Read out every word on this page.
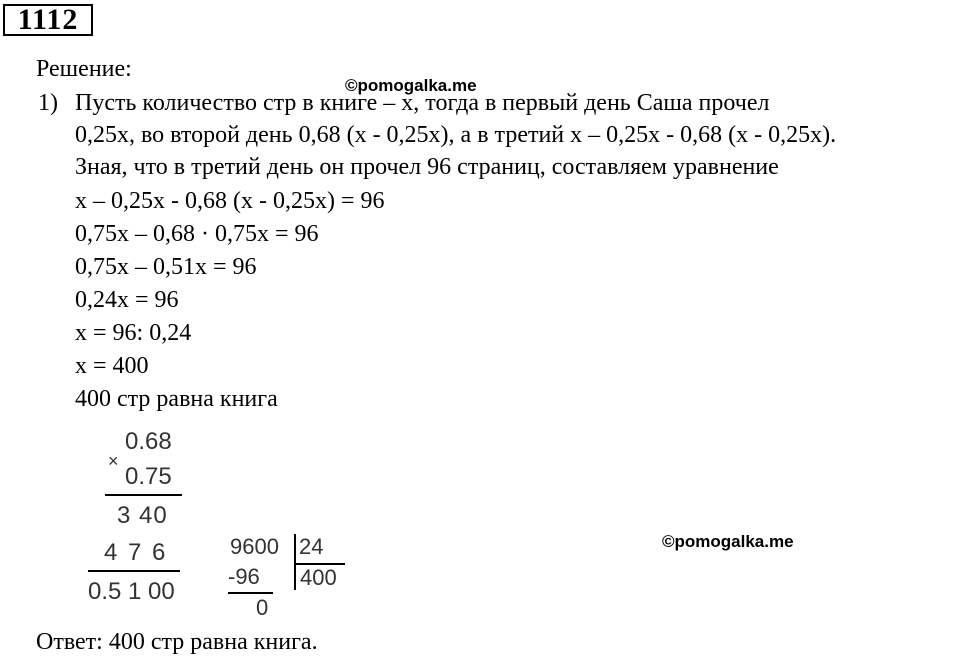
1112
Решение:
©pomogalka.me
1) Пусть количество стр в книге – х, тогда в первый день Саша прочел
0,25х, во второй день 0,68 (х - 0,25х), а в третий х – 0,25х - 0,68 (х - 0,25х).
Зная, что в третий день он прочел 96 страниц, составляем уравнение
х – 0,25х - 0,68 (х - 0,25х) = 96
0,75х – 0,68 · 0,75х = 96
0,75х – 0,51х = 96
0,24х = 96
х = 96: 0,24
х = 400
400 стр равна книга
×
0.68
0.75
3 40
4 7 6
0.5 1 00
9600 24
-96 400
0
©pomogalka.me
Ответ: 400 стр равна книга.
